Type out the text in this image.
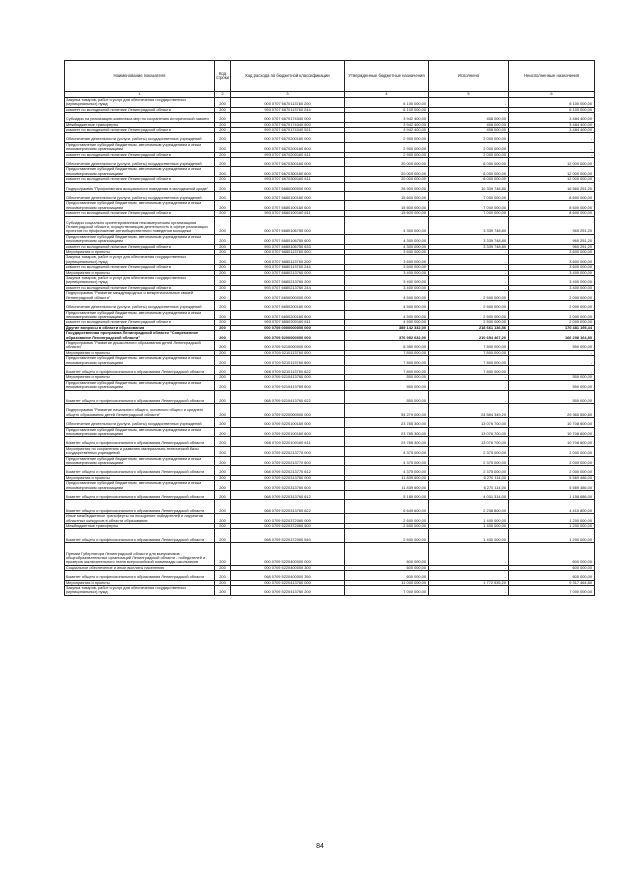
Наименование показателя	Код строки	Код расхода по бюджетной классификации	Утвержденные бюджетные назначения	Исполнено	Неисполненные назначения
1	2	3	4	5	6
Закупка товаров, работ и услуг для обеспечения государственных (муниципальных) нужд	200	000 0707 6670113760 200	6 100 000,00	-	6 100 000,00
комитет по молодежной политике Ленинградской области	200	993 0707 6670113760 244	6 100 000,00	-	6 100 000,00
Субсидии на реализацию комплекса мер по сохранению исторической памяти	200	000 0707 6670174340 000	3 942 400,00	458 000,00	3 484 400,00
Межбюджетные трансферты	200	000 0707 6670174340 500	3 942 400,00	458 000,00	3 484 400,00
комитет по молодежной политике Ленинградской области	200	993 0707 6670174340 521	3 942 400,00	458 000,00	3 484 400,00
Обеспечение деятельности (услуги, работы) государственных учреждений	200	000 0707 6670200160 000	2 900 000,00	2 000 000,00	-
Предоставление субсидий бюджетным, автономным учреждениям и иным некоммерческим организациям	200	000 0707 6670200160 600	2 900 000,00	2 000 000,00	-
комитет по молодежной политике Ленинградской области	200	993 0707 6670200160 611	2 900 000,00	2 000 000,00	-
Обеспечение деятельности (услуги, работы) государственных учреждений	200	000 0707 6670300160 000	20 000 000,00	8 000 000,00	12 000 000,00
Предоставление субсидий бюджетным, автономным учреждениям и иным некоммерческим организациям	200	000 0707 6670300160 600	20 000 000,00	8 000 000,00	12 000 000,00
комитет по молодежной политике Ленинградской области	200	993 0707 6670300160 611	20 000 000,00	8 000 000,00	12 000 000,00
Подпрограмма "Профилактика асоциального поведения в молодежной среде"	200	000 0707 6680000000 000	26 900 000,00	10 339 748,80	16 560 251,20
Обеспечение деятельности (услуги, работы) государственных учреждений	200	000 0707 6680100160 000	15 600 000,00	7 000 000,00	8 600 000,00
Предоставление субсидий бюджетным, автономным учреждениям и иным некоммерческим организациям	200	000 0707 6680100160 600	15 600 000,00	7 000 000,00	8 600 000,00
комитет по молодежной политике Ленинградской области	200	993 0707 6680100160 611	15 600 000,00	7 000 000,00	8 600 000,00
Субсидии социально ориентированным некоммерческим организациям Ленинградской области, осуществляющим деятельность в сфере реализации проектов по профилактике антиобщественного поведения молодежи	200	000 0707 6680106750 000	4 300 000,00	3 339 748,80	960 251,20
Предоставление субсидий бюджетным, автономным учреждениям и иным некоммерческим организациям	200	000 0707 6680106750 600	4 300 000,00	3 339 748,80	960 251,20
комитет по молодежной политике Ленинградской области	200	993 0707 6680106750 633	4 300 000,00	3 339 748,80	960 251,20
Мероприятия и проекты	200	000 0707 6680113760 000	3 600 000,00	-	3 600 000,00
Закупка товаров, работ и услуг для обеспечения государственных (муниципальных) нужд	200	000 0707 6680113760 200	3 600 000,00	-	3 600 000,00
комитет по молодежной политике Ленинградской области	200	993 0707 6680113760 244	3 600 000,00	-	3 600 000,00
Мероприятия и проекты	200	000 0707 6680213760 000	3 400 000,00	-	3 400 000,00
Закупка товаров, работ и услуг для обеспечения государственных (муниципальных) нужд	200	000 0707 6680213760 200	3 400 000,00	-	3 400 000,00
комитет по молодежной политике Ленинградской области	200	993 0707 6680213760 244	3 400 000,00	-	3 400 000,00
Подпрограмма "Развитие международных и межрегиональных связей Ленинградской области"	200	000 0707 6650000000 000	4 500 000,00	2 500 000,00	2 000 000,00
Обеспечение деятельности (услуги, работы) государственных учреждений	200	000 0707 6650200160 000	4 500 000,00	2 500 000,00	2 000 000,00
Предоставление субсидий бюджетным, автономным учреждениям и иным некоммерческим организациям	200	000 0707 6650200160 600	4 500 000,00	2 500 000,00	2 000 000,00
комитет по молодежной политике Ленинградской области	200	993 0707 6650200160 611	4 500 000,00	2 500 000,00	2 000 000,00
Другие вопросы в области образования	200	000 0709 0000000000 000	389 142 332,00	218 661 136,56	170 481 195,44
Государственная программа Ленинградской области "Современное образование Ленинградской области"	200	000 0709 5200000000 000	376 952 632,00	210 654 467,20	166 298 164,80
Подпрограмма "Развитие дошкольного образования детей Ленинградской области"	200	000 0709 5210000000 000	8 350 000,00	7 800 000,00	550 000,00
Мероприятия и проекты	200	000 0709 5210113760 000	7 800 000,00	7 800 000,00	-
Предоставление субсидий бюджетным, автономным учреждениям и иным некоммерческим организациям	200	000 0709 5210113760 600	7 800 000,00	7 800 000,00	-
Комитет общего и профессионального образования Ленинградской области	200	068 0709 5210113760 622	7 800 000,00	7 800 000,00	-
Мероприятия и проекты	200	000 0709 5210413760 000	550 000,00	-	550 000,00
Предоставление субсидий бюджетным, автономным учреждениям и иным некоммерческим организациям	200	000 0709 5210413760 600	550 000,00	-	550 000,00
Комитет общего и профессионального образования Ленинградской области	200	068 0709 5210413760 622	550 000,00	-	550 000,00
Подпрограмма "Развитие начального общего, основного общего и среднего общего образования детей Ленинградской области"	200	000 0709 5220000000 000	54 279 000,00	24 584 349,20	29 365 550,80
Обеспечение деятельности (услуги, работы) государственных учреждений	200	000 0709 5220100160 000	23 785 300,00	13 076 700,00	10 708 600,00
Предоставление субсидий бюджетным, автономным учреждениям и иным некоммерческим организациям	200	000 0709 5220100160 600	23 785 300,00	13 076 700,00	10 708 600,00
Комитет общего и профессионального образования Ленинградской области	200	068 0709 5220100160 611	23 785 300,00	13 076 700,00	10 708 600,00
Мероприятия по сохранению и развитию материально-технической базы государственных учреждений	200	000 0709 5220213770 000	4 375 000,00	2 375 000,00	2 000 000,00
Предоставление субсидий бюджетным, автономным учреждениям и иным некоммерческим организациям	200	000 0709 5220213770 600	4 375 000,00	2 375 000,00	2 000 000,00
Комитет общего и профессионального образования Ленинградской области	200	068 0709 5220213770 612	4 375 000,00	2 375 000,00	2 000 000,00
Мероприятия и проекты	200	000 0709 5220313760 000	11 839 600,00	6 270 114,00	5 569 486,00
Предоставление субсидий бюджетным, автономным учреждениям и иным некоммерческим организациям	200	000 0709 5220313760 600	11 839 600,00	6 270 114,00	5 569 486,00
Комитет общего и профессионального образования Ленинградской области	200	068 0709 5220313760 612	5 180 000,00	4 031 314,00	1 158 686,00
Комитет общего и профессионального образования Ленинградской области	200	068 0709 5220313760 622	6 649 600,00	2 238 800,00	4 410 800,00
Иные межбюджетные трансферты на поощрение победителей и лауреатов областных конкурсов в области образования	200	000 0709 5220372060 000	2 600 000,00	1 400 000,00	1 200 000,00
Межбюджетные трансферты	200	000 0709 5220372060 500	2 600 000,00	1 400 000,00	1 200 000,00
Комитет общего и профессионального образования Ленинградской области	200	068 0709 5220372060 540	2 600 000,00	1 400 000,00	1 200 000,00
Премии Губернатора Ленинградской области для выпускников общеобразовательных организаций Ленинградской области - победителей и призеров заключительного этапа всероссийской олимпиады школьников	200	000 0709 5220400000 000	600 000,00	-	600 000,00
Социальное обеспечение и иные выплаты населению	200	000 0709 5220400000 300	600 000,00	-	600 000,00
Комитет общего и профессионального образования Ленинградской области	200	068 0709 5220400000 350	600 000,00	-	600 000,00
Мероприятия и проекты	200	000 0709 5220413760 000	11 000 000,00	1 772 535,20	9 317 464,80
Закупка товаров, работ и услуг для обеспечения государственных (муниципальных) нужд	200	000 0709 5220413760 200	7 000 000,00	-	7 000 000,00
84
